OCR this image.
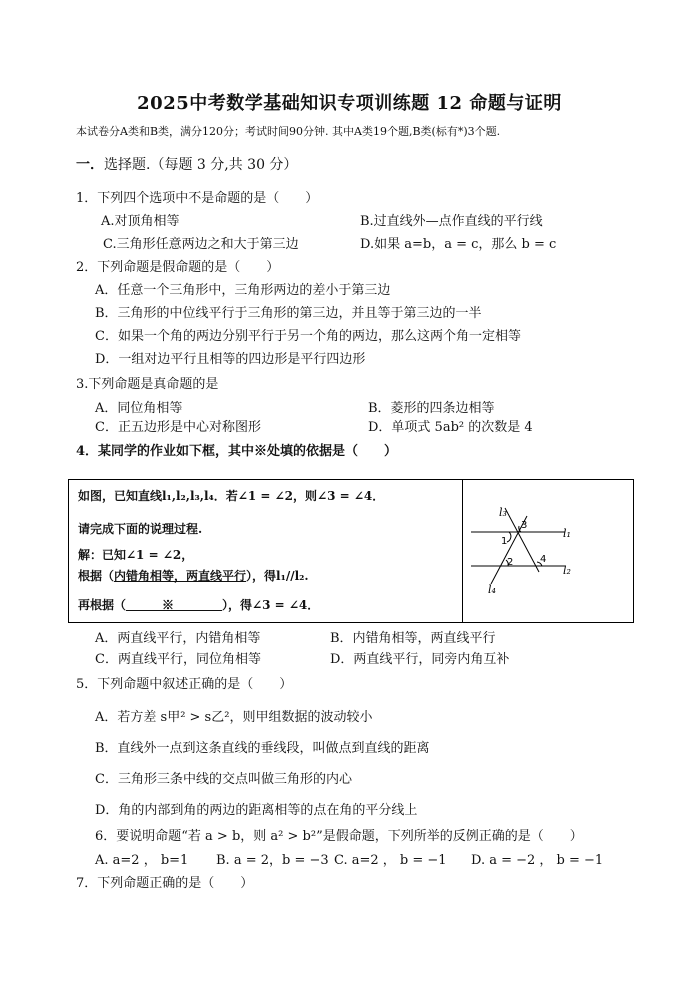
2025中考数学基础知识专项训练题 12 命题与证明
本试卷分A类和B类，满分120分；考试时间90分钟. 其中A类19个题,B类(标有*)3个题.
一．选择题.（每题 3 分,共 30 分）
1．下列四个选项中不是命题的是（　　）
A.对顶角相等	B.过直线外—点作直线的平行线
C.三角形任意两边之和大于第三边	D.如果 a=b，a = c，那么 b = c
2．下列命题是假命题的是（　　）
A．任意一个三角形中，三角形两边的差小于第三边
B．三角形的中位线平行于三角形的第三边，并且等于第三边的一半
C．如果一个角的两边分别平行于另一个角的两边，那么这两个角一定相等
D．一组对边平行且相等的四边形是平行四边形
3.下列命题是真命题的是
A．同位角相等	B．菱形的四条边相等
C．正五边形是中心对称图形	D．单项式 5ab² 的次数是 4
4．某同学的作业如下框，其中※处填的依据是（　　）
如图，已知直线l₁,l₂,l₃,l₄．若∠1 = ∠2，则∠3 = ∠4．
请完成下面的说理过程.
解：已知∠1 = ∠2，
根据（内错角相等，两直线平行），得l₁//l₂.
再根据（　　　※　　　　），得∠3 = ∠4．
l₃
l₁
l₂
l₄
3
1
2	4
A．两直线平行，内错角相等	B．内错角相等，两直线平行
C．两直线平行，同位角相等	D．两直线平行，同旁内角互补
5．下列命题中叙述正确的是（　　）
A．若方差 s甲² > s乙²，则甲组数据的波动较小
B．直线外一点到这条直线的垂线段，叫做点到直线的距离
C．三角形三条中线的交点叫做三角形的内心
D．角的内部到角的两边的距离相等的点在角的平分线上
6．要说明命题“若 a > b，则 a² > b²”是假命题，下列所举的反例正确的是（　　）
A. a=2 ， b=1 B. a = 2，b = −3 C. a=2 ， b = −1 D. a = −2 ， b = −1
7．下列命题正确的是（　　）
